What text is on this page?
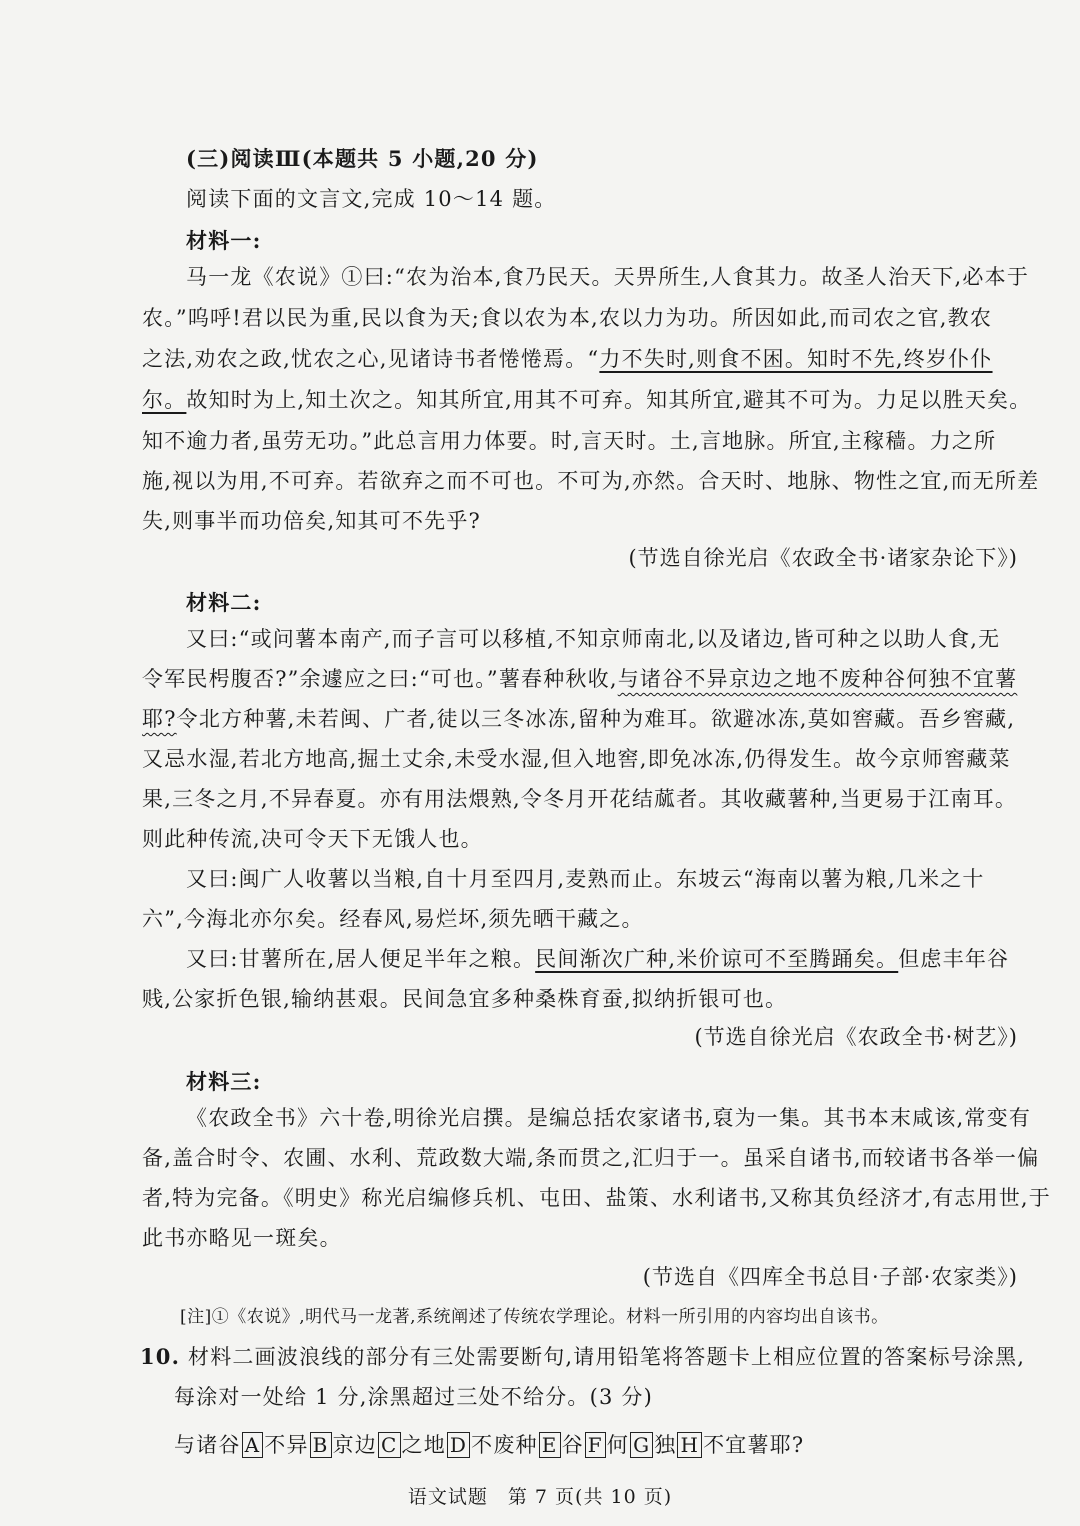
(三)阅读Ⅲ(本题共 5 小题,20 分)
阅读下面的文言文,完成 10～14 题。
材料一:
马一龙《农说》①曰:“农为治本,食乃民天。天畀所生,人食其力。故圣人治天下,必本于
农。”呜呼!君以民为重,民以食为天;食以农为本,农以力为功。所因如此,而司农之官,教农
之法,劝农之政,忧农之心,见诸诗书者惓惓焉。“力不失时,则食不困。知时不先,终岁仆仆
尔。故知时为上,知土次之。知其所宜,用其不可弃。知其所宜,避其不可为。力足以胜天矣。
知不逾力者,虽劳无功。”此总言用力体要。时,言天时。土,言地脉。所宜,主稼穑。力之所
施,视以为用,不可弃。若欲弃之而不可也。不可为,亦然。合天时、地脉、物性之宜,而无所差
失,则事半而功倍矣,知其可不先乎?
(节选自徐光启《农政全书·诸家杂论下》)
材料二:
又曰:“或问薯本南产,而子言可以移植,不知京师南北,以及诸边,皆可种之以助人食,无
令军民枵腹否?”余遽应之曰:“可也。”薯春种秋收,与诸谷不异京边之地不废种谷何独不宜薯
耶?令北方种薯,未若闽、广者,徒以三冬冰冻,留种为难耳。欲避冰冻,莫如窖藏。吾乡窖藏,
又忌水湿,若北方地高,掘土丈余,未受水湿,但入地窖,即免冰冻,仍得发生。故今京师窖藏菜
果,三冬之月,不异春夏。亦有用法煨熟,令冬月开花结蓏者。其收藏薯种,当更易于江南耳。
则此种传流,决可令天下无饿人也。
又曰:闽广人收薯以当粮,自十月至四月,麦熟而止。东坡云“海南以薯为粮,几米之十
六”,今海北亦尔矣。经春风,易烂坏,须先晒干藏之。
又曰:甘薯所在,居人便足半年之粮。民间渐次广种,米价谅可不至腾踊矣。但虑丰年谷
贱,公家折色银,输纳甚艰。民间急宜多种桑株育蚕,拟纳折银可也。
(节选自徐光启《农政全书·树艺》)
材料三:
《农政全书》六十卷,明徐光启撰。是编总括农家诸书,裒为一集。其书本末咸该,常变有
备,盖合时令、农圃、水利、荒政数大端,条而贯之,汇归于一。虽采自诸书,而较诸书各举一偏
者,特为完备。《明史》称光启编修兵机、屯田、盐策、水利诸书,又称其负经济才,有志用世,于
此书亦略见一斑矣。
(节选自《四库全书总目·子部·农家类》)
[注]①《农说》,明代马一龙著,系统阐述了传统农学理论。材料一所引用的内容均出自该书。
10. 材料二画波浪线的部分有三处需要断句,请用铅笔将答题卡上相应位置的答案标号涂黑,
每涂对一处给 1 分,涂黑超过三处不给分。(3 分)
与诸谷 A 不异 B 京边 C 之地 D 不废种 E 谷 F 何 G 独 H 不宜薯耶?
语文试题　第 7 页(共 10 页)
